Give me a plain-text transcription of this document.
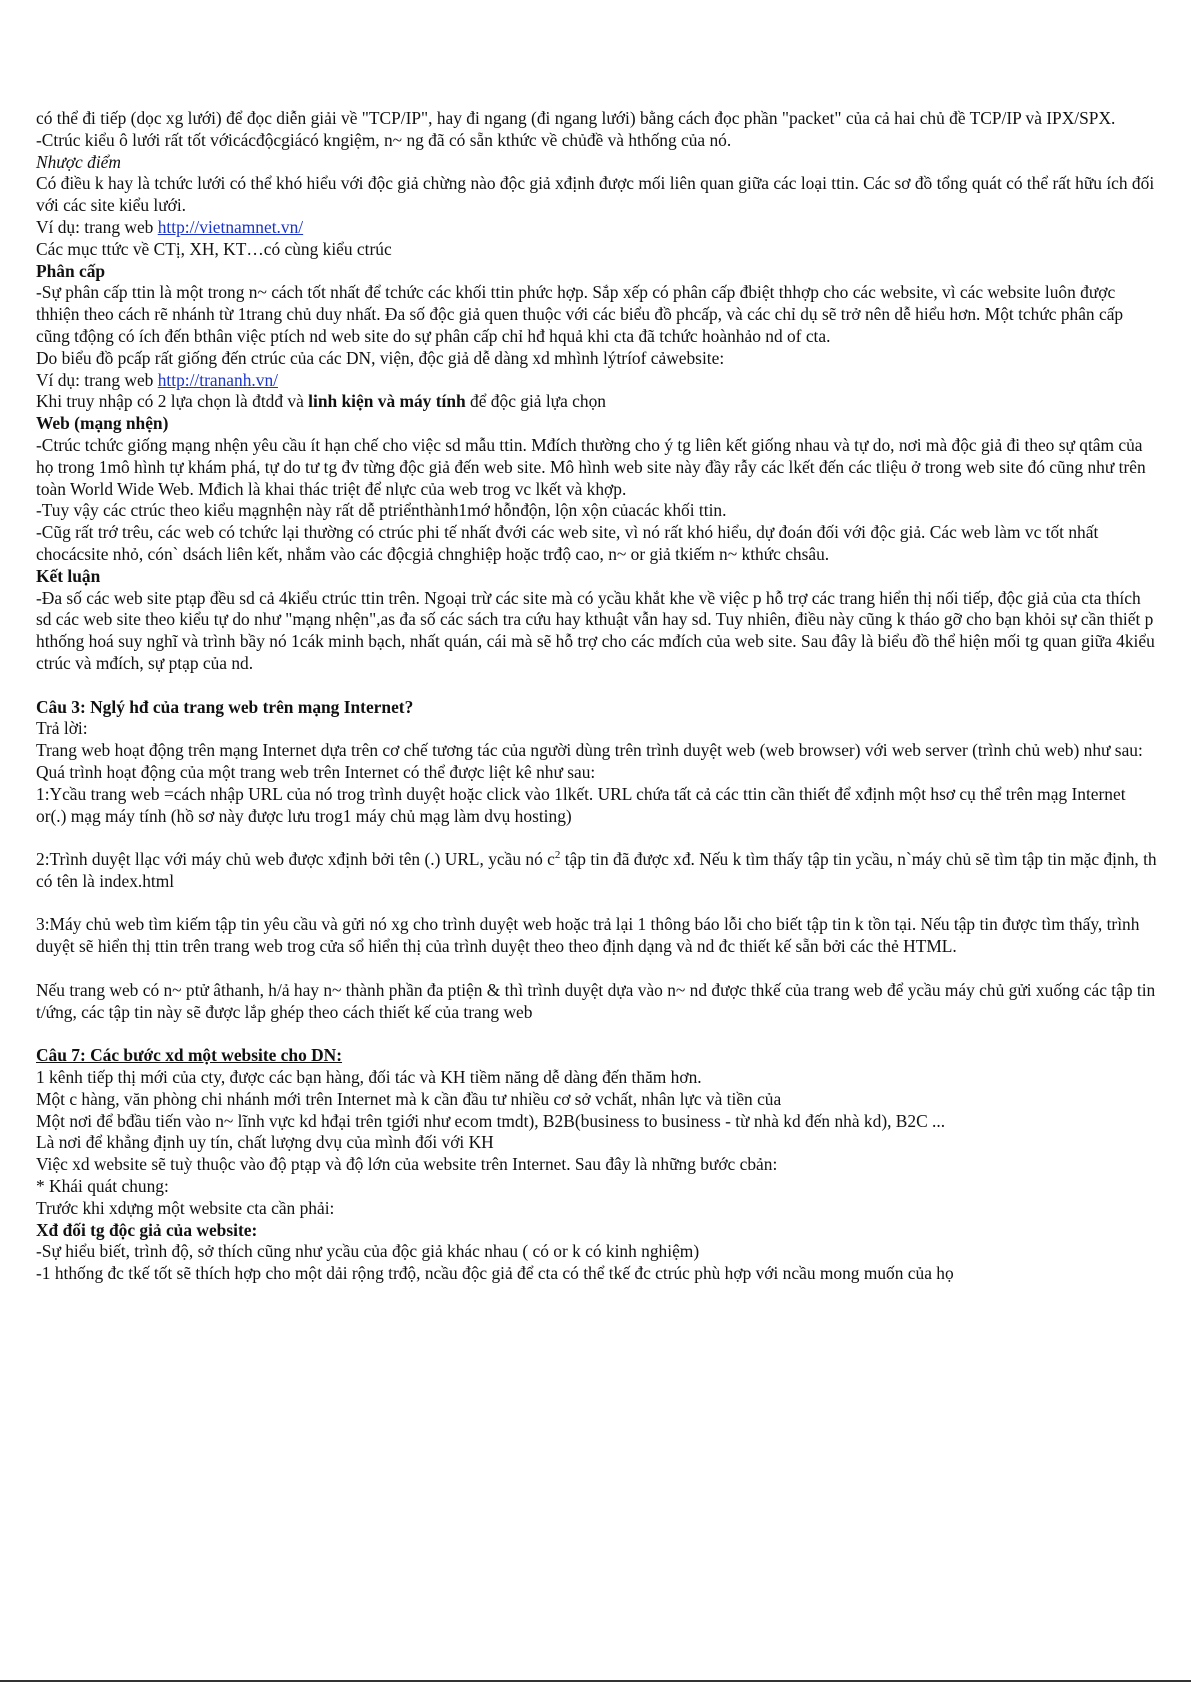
có thể đi tiếp (dọc xg lưới) để đọc diễn giải về "TCP/IP", hay đi ngang (đi ngang lưới) bằng cách đọc phần "packet" của cả hai chủ đề TCP/IP và IPX/SPX.

-Ctrúc kiểu ô lưới rất tốt vớicácđộcgiácó kngiệm, n~ ng đã có sẵn kthức về chủđề và hthống của nó.

Nhược điểm

Có điều k hay là tchức lưới có thể khó hiểu với độc giả chừng nào độc giả xđịnh được mối liên quan giữa các loại ttin. Các sơ đồ tổng quát có thể rất hữu ích đối với các site kiểu lưới.

Ví dụ: trang web http://vietnamnet.vn/

Các mục ttức về CTị, XH, KT…có cùng kiểu ctrúc

Phân cấp

-Sự phân cấp ttin là một trong n~ cách tốt nhất để tchức các khối ttin phức hợp. Sắp xếp có phân cấp đbiệt thhợp cho các website, vì các website luôn được thhiện theo cách rẽ nhánh từ 1trang chủ duy nhất. Đa số độc giả quen thuộc với các biểu đồ phcấp, và các chỉ dụ sẽ trở nên dễ hiểu hơn. Một tchức phân cấp cũng tđộng có ích đến bthân việc ptích nd web site do sự phân cấp chỉ hđ hquả khi cta đã tchức hoànhảo nd of cta.

Do biểu đồ pcấp rất giống đến ctrúc của các DN, viện, độc giả dễ dàng xd mhình lýtríof cảwebsite:

Ví dụ: trang web http://trananh.vn/

Khi truy nhập có 2 lựa chọn là đtdđ và linh kiện và máy tính để độc giả lựa chọn

Web (mạng nhện)

-Ctrúc tchức giống mạng nhện yêu cầu ít hạn chế cho việc sd mẫu ttin. Mđích thường cho ý tg liên kết giống nhau và tự do, nơi mà độc giả đi theo sự qtâm của họ trong 1mô hình tự khám phá, tự do tư tg đv từng độc giả đến web site. Mô hình web site này đầy rẫy các lkết đến các tliệu ở trong web site đó cũng như trên toàn World Wide Web. Mđich là khai thác triệt để nlực của web trog vc lkết và khợp.

-Tuy vậy các ctrúc theo kiểu mạgnhện này rất dễ ptriểnthành1mớ hỗnđộn, lộn xộn củacác khối ttin.

-Cũg rất trớ trêu, các web có tchức lại thường có ctrúc phi tế nhất đvới các web site, vì nó rất khó hiểu, dự đoán đối với độc giả. Các web làm vc tốt nhất chocácsite nhỏ, cón` dsách liên kết, nhắm vào các độcgiả chnghiệp hoặc trđộ cao, n~ or giả tkiếm n~ kthức chsâu.

Kết luận

-Đa số các web site ptạp đều sd cả 4kiểu ctrúc ttin trên. Ngoại trừ các site mà có ycầu khắt khe về việc p hỗ trợ các trang hiển thị nối tiếp, độc giả của cta thích sd các web site theo kiểu tự do như "mạng nhện",as đa số các sách tra cứu hay kthuật vẫn hay sd. Tuy nhiên, điều này cũng k tháo gỡ cho bạn khỏi sự cần thiết p hthống hoá suy nghĩ và trình bầy nó 1cák minh bạch, nhất quán, cái mà sẽ hỗ trợ cho các mđích của web site. Sau đây là biểu đồ thể hiện mối tg quan giữa 4kiểu ctrúc và mđích, sự ptạp của nd.

Câu 3: Nglý hđ của trang web trên mạng Internet?

Trả lời:

Trang web hoạt động trên mạng Internet dựa trên cơ chế tương tác của người dùng trên trình duyệt web (web browser) với web server (trình chủ web) như sau:

Quá trình hoạt động của một trang web trên Internet có thể được liệt kê như sau:

1:Ycầu trang web =cách nhập URL của nó trog trình duyệt hoặc click vào 1lkết. URL chứa tất cả các ttin cần thiết để xđịnh một hsơ cụ thể trên mạg Internet or(.) mạg máy tính (hồ sơ này được lưu trog1 máy chủ mạg làm dvụ hosting)

2:Trình duyệt llạc với máy chủ web được xđịnh bởi tên (.) URL, ycầu nó $c^2$ tập tin đã được xđ. Nếu k tìm thấy tập tin ycầu, n`máy chủ sẽ tìm tập tin mặc định, th có tên là index.html

3:Máy chủ web tìm kiếm tập tin yêu cầu và gửi nó xg cho trình duyệt web hoặc trả lại 1 thông báo lỗi cho biết tập tin k tồn tại. Nếu tập tin được tìm thấy, trình duyệt sẽ hiển thị ttin trên trang web trog cửa sổ hiển thị của trình duyệt theo theo định dạng và nd đc thiết kế sẵn bởi các thẻ HTML.

Nếu trang web có n~ ptử âthanh, h/ả hay n~ thành phần đa ptiện & thì trình duyệt dựa vào n~ nd được thkế của trang web để ycầu máy chủ gửi xuống các tập tin t/ứng, các tập tin này sẽ được lắp ghép theo cách thiết kế của trang web

Câu 7: Các bước xd một website cho DN:

1 kênh tiếp thị mới của cty, được các bạn hàng, đối tác và KH tiềm năng dễ dàng đến thăm hơn.

Một c hàng, văn phòng chi nhánh mới trên Internet mà k cần đầu tư nhiều cơ sở vchất, nhân lực và tiền của

Một nơi để bđầu tiến vào n~ lĩnh vực kd hđại trên tgiới như ecom tmdt), B2B(business to business - từ nhà kd đến nhà kd), B2C ...

Là nơi để khẳng định uy tín, chất lượng dvụ của mình đối với KH

Việc xd website sẽ tuỳ thuộc vào độ ptạp và độ lớn của website trên Internet. Sau đây là những bước cbản:

* Khái quát chung:

Trước khi xdựng một website cta cần phải:

Xđ đối tg độc giả của website:

-Sự hiểu biết, trình độ, sở thích cũng như ycầu của độc giả khác nhau ( có or k có kinh nghiệm)

-1 hthống đc tkế tốt sẽ thích hợp cho một dải rộng trđộ, ncầu độc giả để cta có thể tkế đc ctrúc phù hợp với ncầu mong muốn của họ
